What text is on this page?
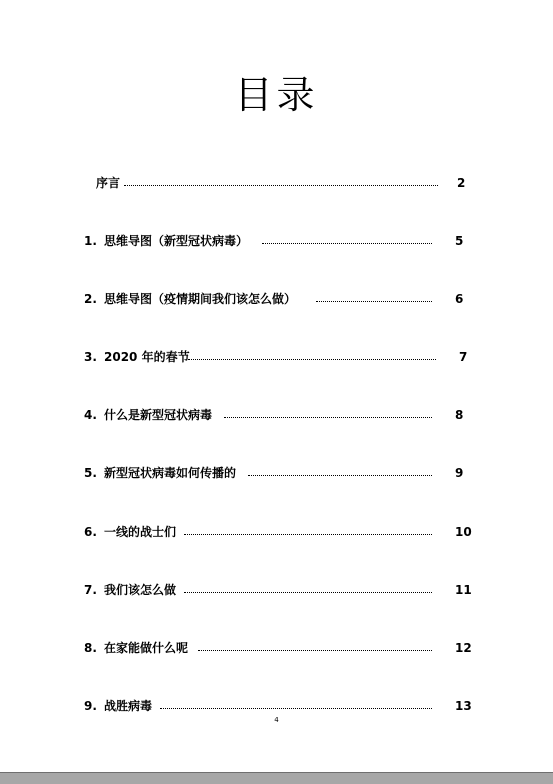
目录
序言	2
1. 思维导图（新型冠状病毒）	5
2. 思维导图（疫情期间我们该怎么做）	6
3. 2020 年的春节	7
4. 什么是新型冠状病毒	8
5. 新型冠状病毒如何传播的	9
6. 一线的战士们	10
7. 我们该怎么做	11
8. 在家能做什么呢	12
9. 战胜病毒	13
4
